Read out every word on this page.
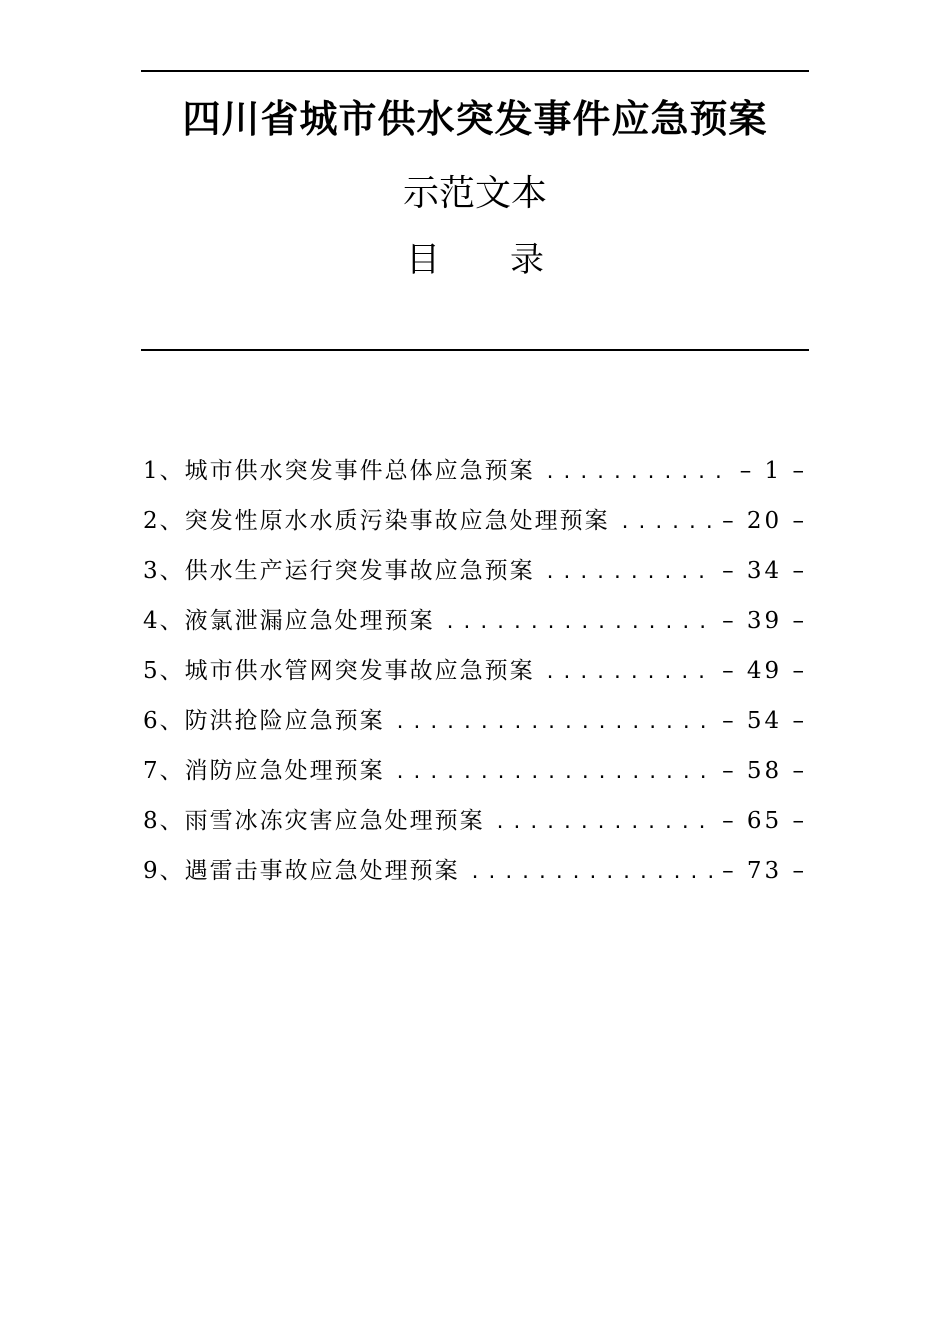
四川省城市供水突发事件应急预案
示范文本
目 录
1、 城市供水突发事件总体应急预案 .....	– 1 –
2、 突发性原水水质污染事故应急处理预案 .....	– 20 –
3、 供水生产运行突发事故应急预案 .....	– 34 –
4、 液氯泄漏应急处理预案 .....	– 39 –
5、 城市供水管网突发事故应急预案 .....	– 49 –
6、 防洪抢险应急预案 .....	– 54 –
7、 消防应急处理预案 .....	– 58 –
8、 雨雪冰冻灾害应急处理预案 .....	– 65 –
9、 遇雷击事故应急处理预案 .....	– 73 –
